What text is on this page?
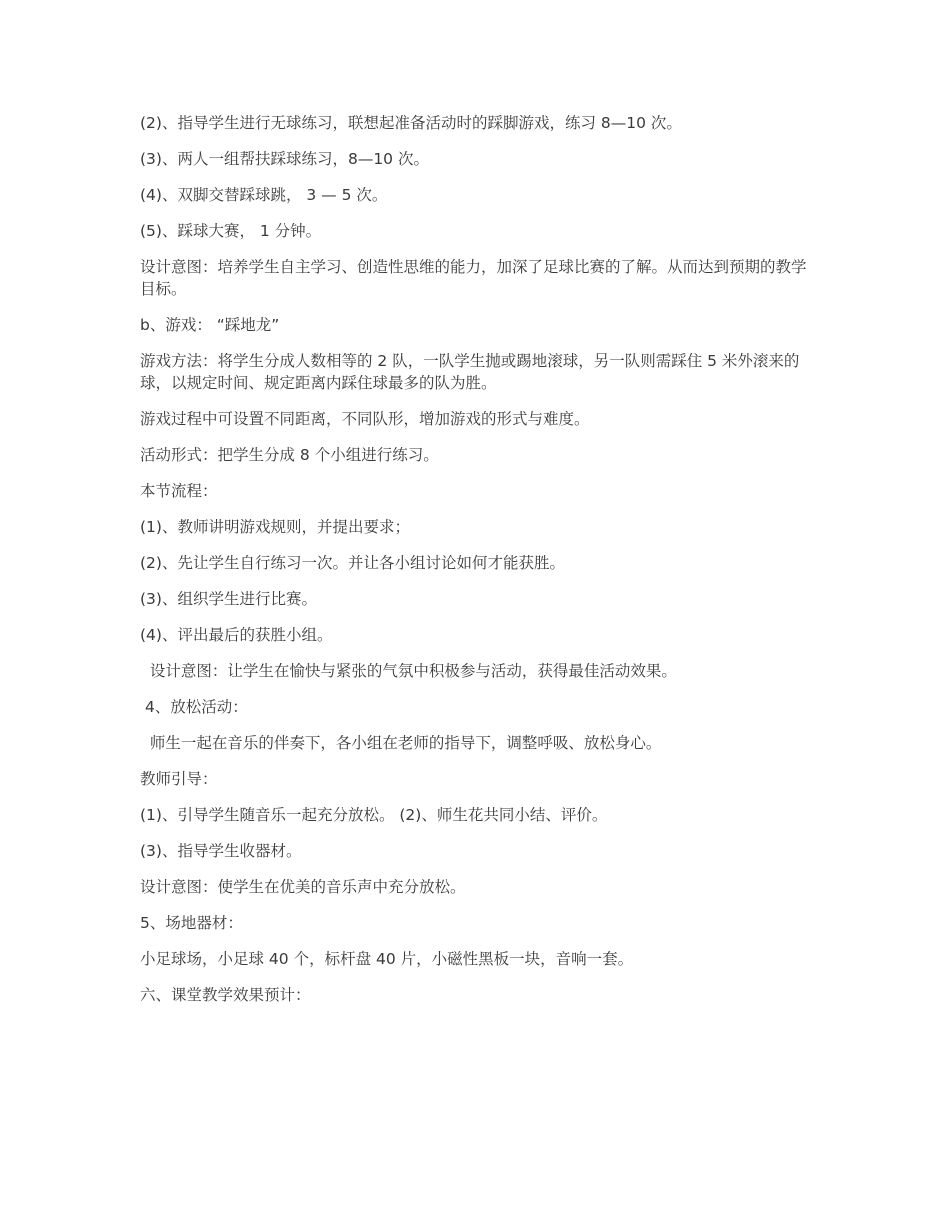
(2)、指导学生进行无球练习，联想起准备活动时的踩脚游戏，练习 8—10 次。

(3)、两人一组帮扶踩球练习，8—10 次。

(4)、双脚交替踩球跳， 3 — 5 次。

(5)、踩球大赛， 1 分钟。

设计意图：培养学生自主学习、创造性思维的能力，加深了足球比赛的了解。从而达到预期的教学目标。

b、游戏： “踩地龙”

游戏方法：将学生分成人数相等的 2 队，一队学生抛或踢地滚球，另一队则需踩住 5 米外滚来的球，以规定时间、规定距离内踩住球最多的队为胜。

游戏过程中可设置不同距离，不同队形，增加游戏的形式与难度。

活动形式：把学生分成 8 个小组进行练习。

本节流程：

(1)、教师讲明游戏规则，并提出要求；

(2)、先让学生自行练习一次。并让各小组讨论如何才能获胜。

(3)、组织学生进行比赛。

(4)、评出最后的获胜小组。

设计意图：让学生在愉快与紧张的气氛中积极参与活动，获得最佳活动效果。

4、放松活动：

师生一起在音乐的伴奏下，各小组在老师的指导下，调整呼吸、放松身心。

教师引导：

(1)、引导学生随音乐一起充分放松。 (2)、师生花共同小结、评价。

(3)、指导学生收器材。

设计意图：使学生在优美的音乐声中充分放松。

5、场地器材：

小足球场，小足球 40 个，标杆盘 40 片，小磁性黑板一块，音响一套。

六、课堂教学效果预计：
